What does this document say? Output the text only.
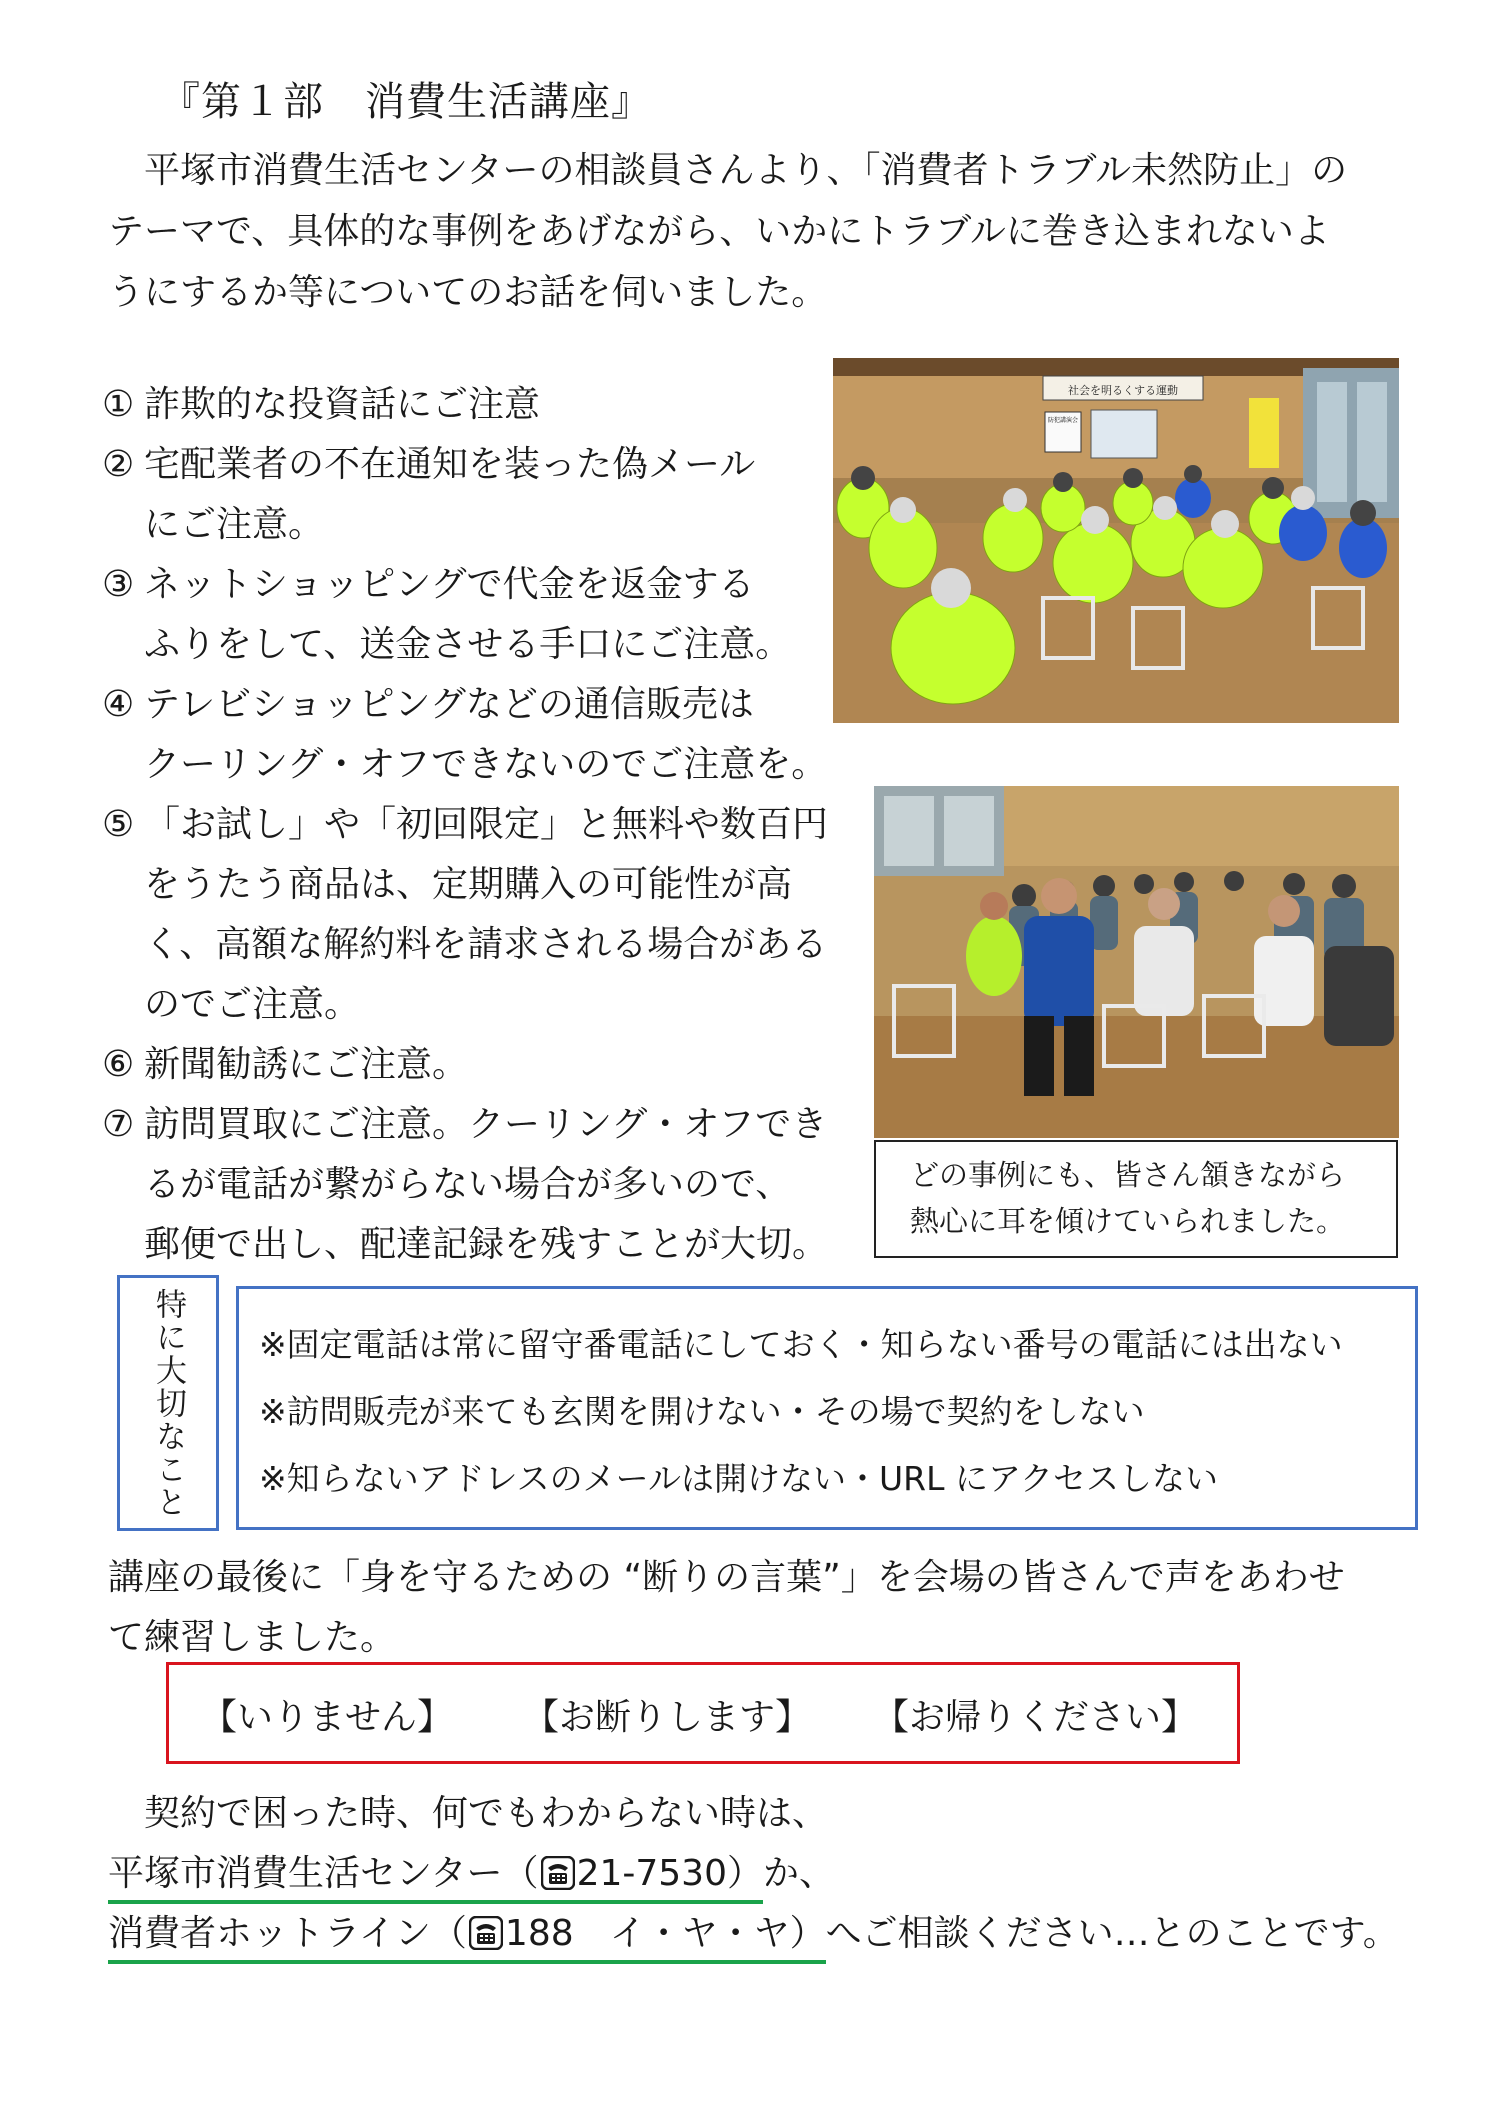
『第１部　消費生活講座』

　平塚市消費生活センターの相談員さんより、「消費者トラブル未然防止」の

テーマで、具体的な事例をあげながら、いかにトラブルに巻き込まれないよ

うにするか等についてのお話を伺いました。

① 詐欺的な投資話にご注意
② 宅配業者の不在通知を装った偽メール
にご注意。
③ ネットショッピングで代金を返金する
ふりをして、送金させる手口にご注意。
④ テレビショッピングなどの通信販売は
クーリング・オフできないのでご注意を。
⑤ 「お試し」や「初回限定」と無料や数百円
をうたう商品は、定期購入の可能性が高
く、高額な解約料を請求される場合がある
のでご注意。
⑥ 新聞勧誘にご注意。
⑦ 訪問買取にご注意。クーリング・オフでき
るが電話が繋がらない場合が多いので、
郵便で出し、配達記録を残すことが大切。
社会を明るくする運動
防犯講演会
どの事例にも、皆さん頷きながら
熱心に耳を傾けていられました。
特に大切なこと	※固定電話は常に留守番電話にしておく・知らない番号の電話には出ない
※訪問販売が来ても玄関を開けない・その場で契約をしない
※知らないアドレスのメールは開けない・URL にアクセスしない
講座の最後に「身を守るための “断りの言葉”」を会場の皆さんで声をあわせ
て練習しました。
【いりません】 【お断りします】 【お帰りください】
　契約で困った時、何でもわからない時は、
平塚市消費生活センター（ 21-7530）か、
消費者ホットライン（ 188　イ・ヤ・ヤ）へご相談ください…とのことです。
